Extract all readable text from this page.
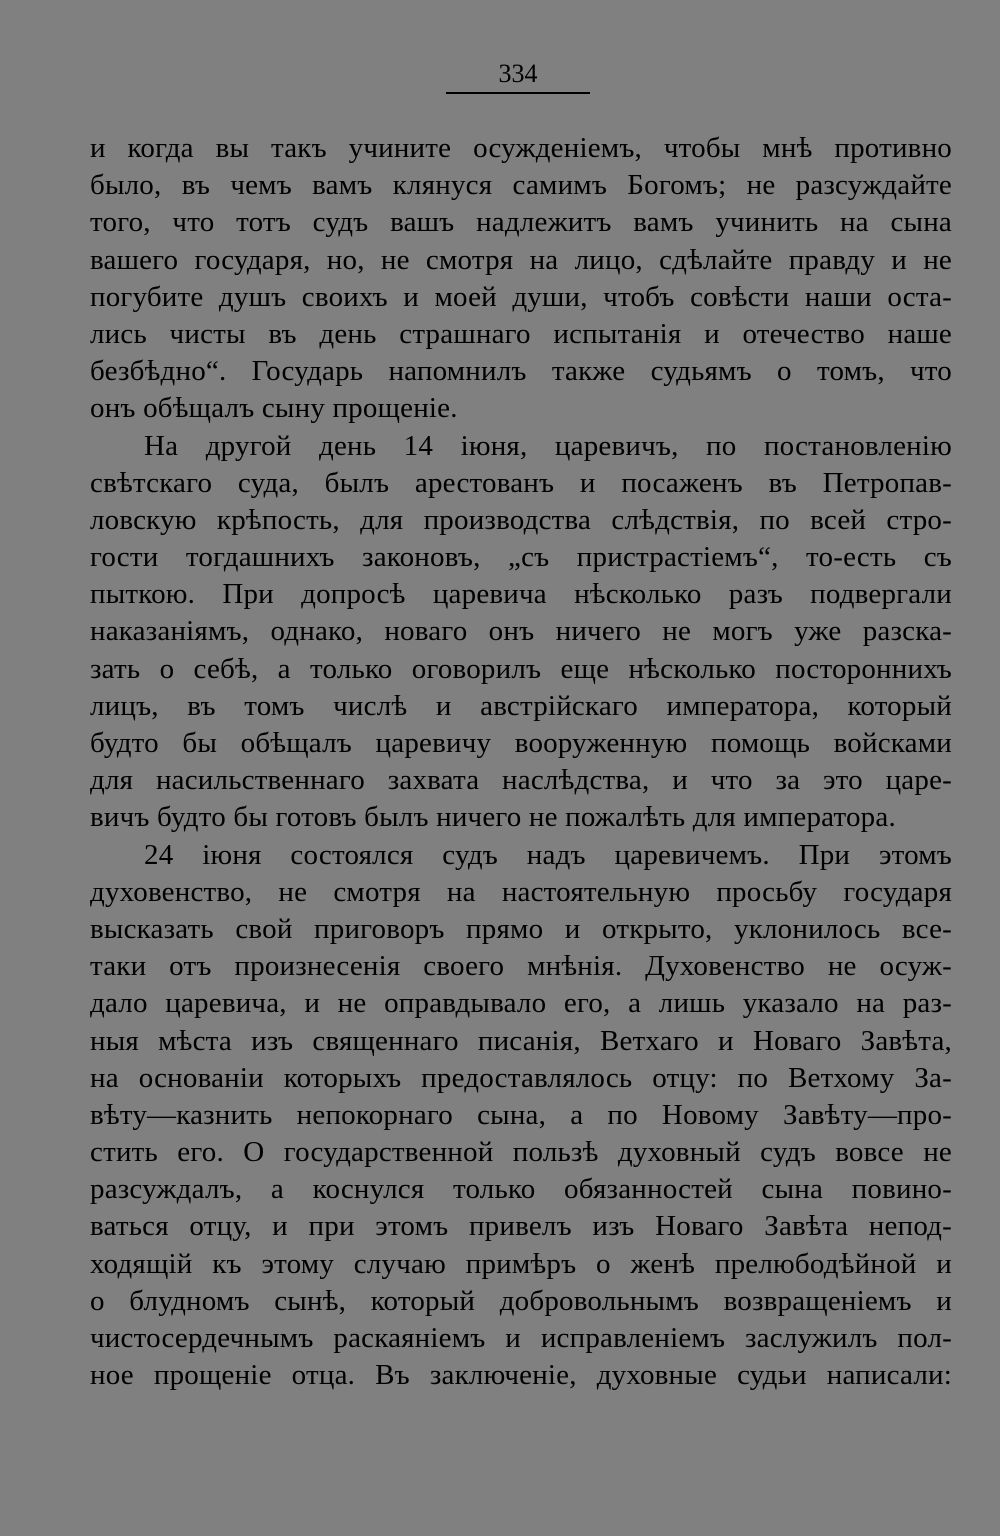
334
и когда вы такъ учините осужденіемъ, чтобы мнѣ противно
было, въ чемъ вамъ клянуся самимъ Богомъ; не разсуждайте
того, что тотъ судъ вашъ надлежитъ вамъ учинить на сына
вашего государя, но, не смотря на лицо, сдѣлайте правду и не
погубите душъ своихъ и моей души, чтобъ совѣсти наши оста-
лись чисты въ день страшнаго испытанія и отечество наше
безбѣдно“. Государь напомнилъ также судьямъ о томъ, что
онъ обѣщалъ сыну прощеніе.
На другой день 14 іюня, царевичъ, по постановленію
свѣтскаго суда, былъ арестованъ и посаженъ въ Петропав-
ловскую крѣпость, для производства слѣдствія, по всей стро-
гости тогдашнихъ законовъ, „съ пристрастіемъ“, то-есть съ
пыткою. При допросѣ царевича нѣсколько разъ подвергали
наказаніямъ, однако, новаго онъ ничего не могъ уже разска-
зать о себѣ, а только оговорилъ еще нѣсколько постороннихъ
лицъ, въ томъ числѣ и австрійскаго императора, который
будто бы обѣщалъ царевичу вооруженную помощь войсками
для насильственнаго захвата наслѣдства, и что за это царе-
вичъ будто бы готовъ былъ ничего не пожалѣть для императора.
24 іюня состоялся судъ надъ царевичемъ. При этомъ
духовенство, не смотря на настоятельную просьбу государя
высказать свой приговоръ прямо и открыто, уклонилось все-
таки отъ произнесенія своего мнѣнія. Духовенство не осуж-
дало царевича, и не оправдывало его, а лишь указало на раз-
ныя мѣста изъ священнаго писанія, Ветхаго и Новаго Завѣта,
на основаніи которыхъ предоставлялось отцу: по Ветхому За-
вѣту—казнить непокорнаго сына, а по Новому Завѣту—про-
стить его. О государственной пользѣ духовный судъ вовсе не
разсуждалъ, а коснулся только обязанностей сына повино-
ваться отцу, и при этомъ привелъ изъ Новаго Завѣта непод-
ходящій къ этому случаю примѣръ о женѣ прелюбодѣйной и
о блудномъ сынѣ, который добровольнымъ возвращеніемъ и
чистосердечнымъ раскаяніемъ и исправленіемъ заслужилъ пол-
ное прощеніе отца. Въ заключеніе, духовные судьи написали:
